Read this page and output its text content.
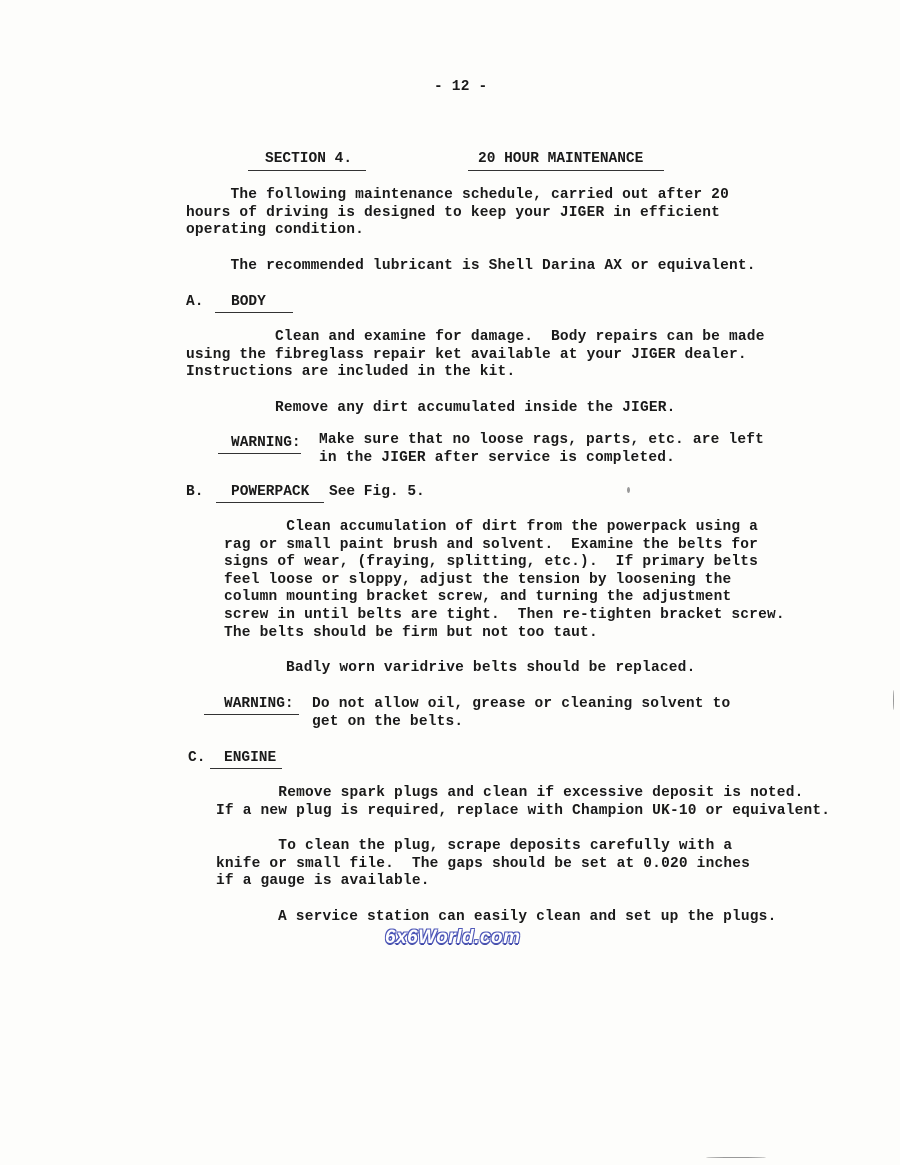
- 12 -
SECTION 4.	20 HOUR MAINTENANCE
The following maintenance schedule, carried out after 20
hours of driving is designed to keep your JIGER in efficient
operating condition.
The recommended lubricant is Shell Darina AX or equivalent.
A. BODY
Clean and examine for damage.  Body repairs can be made
using the fibreglass repair ket available at your JIGER dealer.
Instructions are included in the kit.
Remove any dirt accumulated inside the JIGER.
WARNING: Make sure that no loose rags, parts, etc. are left
in the JIGER after service is completed.
B. POWERPACK See Fig. 5.
Clean accumulation of dirt from the powerpack using a
rag or small paint brush and solvent.  Examine the belts for
signs of wear, (fraying, splitting, etc.).  If primary belts
feel loose or sloppy, adjust the tension by loosening the
column mounting bracket screw, and turning the adjustment
screw in until belts are tight.  Then re-tighten bracket screw.
The belts should be firm but not too taut.
Badly worn varidrive belts should be replaced.
WARNING: Do not allow oil, grease or cleaning solvent to
get on the belts.
C. ENGINE
Remove spark plugs and clean if excessive deposit is noted.
If a new plug is required, replace with Champion UK-10 or equivalent.
To clean the plug, scrape deposits carefully with a
knife or small file.  The gaps should be set at 0.020 inches
if a gauge is available.
A service station can easily clean and set up the plugs.
6x6World.com
